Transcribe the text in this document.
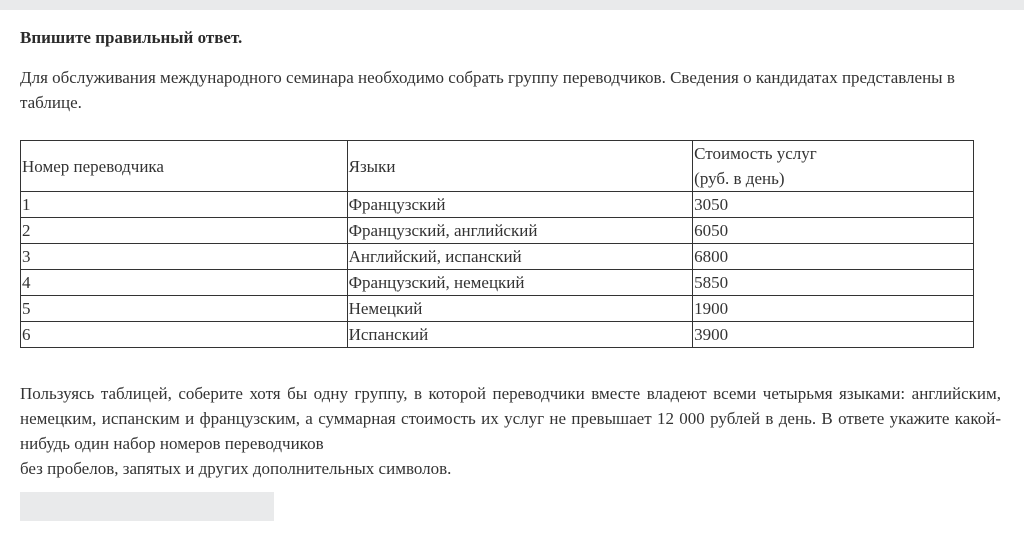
Впишите правильный ответ.
Для обслуживания международного семинара необходимо собрать группу переводчиков. Сведения о кандидатах представлены в таблице.
Номер переводчика	Языки	Стоимость услуг
(руб. в день)

1	Французский	3050
2	Французский, английский	6050
3	Английский, испанский	6800
4	Французский, немецкий	5850
5	Немецкий	1900
6	Испанский	3900
Пользуясь таблицей, соберите хотя бы одну группу, в которой переводчики вместе владеют всеми четырьмя языками: английским, немецким, испанским и французским, а суммарная стоимость их услуг не превышает 12 000 рублей в день. В ответе укажите какой-нибудь один набор номеров переводчиков
без пробелов, запятых и других дополнительных символов.
